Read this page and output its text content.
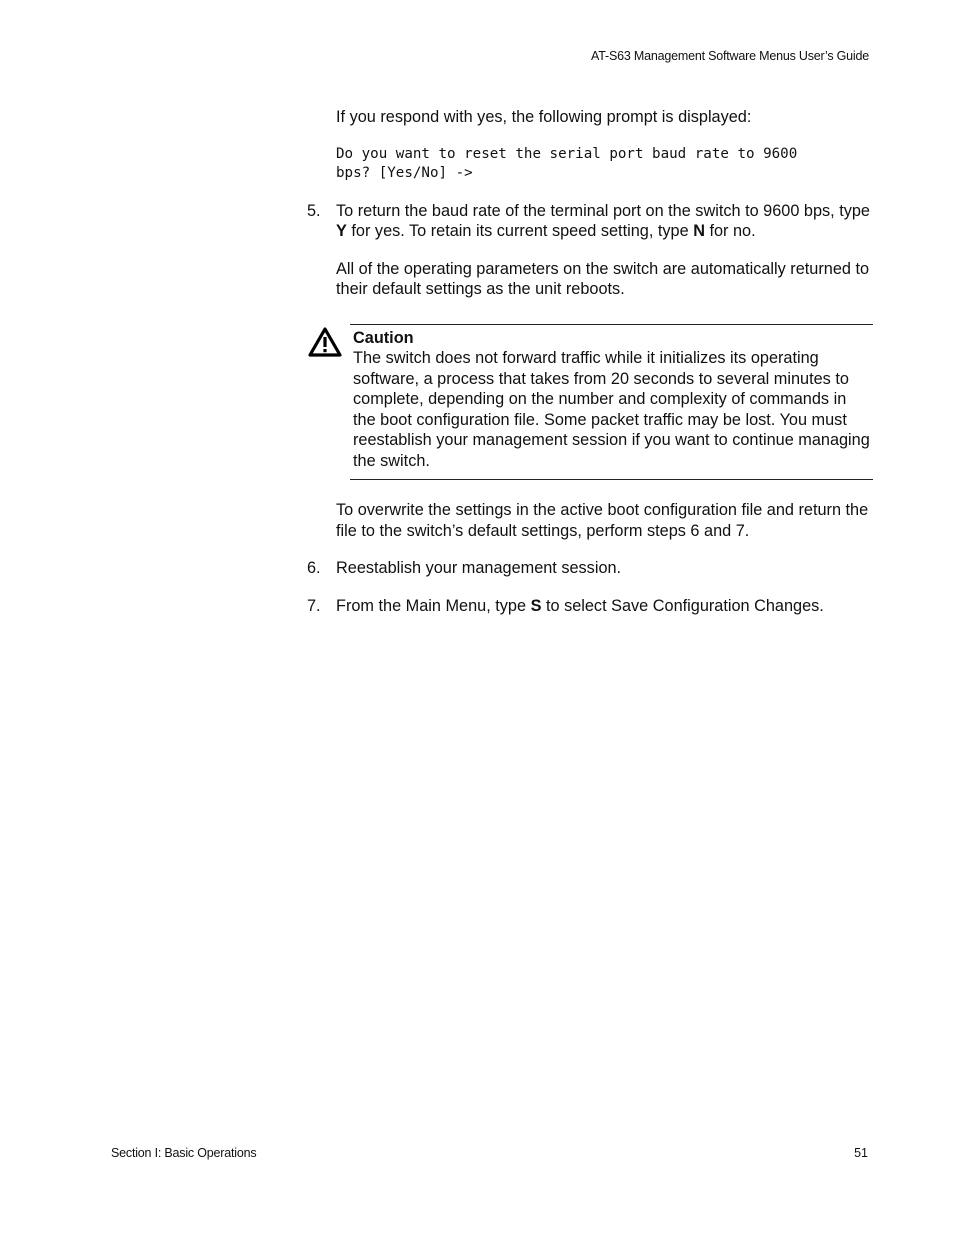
AT-S63 Management Software Menus User’s Guide

If you respond with yes, the following prompt is displayed:

Do you want to reset the serial port baud rate to 9600
bps? [Yes/No] ->
5. To return the baud rate of the terminal port on the switch to 9600 bps, type Y for yes. To retain its current speed setting, type N for no.

All of the operating parameters on the switch are automatically returned to their default settings as the unit reboots.

Caution
The switch does not forward traffic while it initializes its operating software, a process that takes from 20 seconds to several minutes to complete, depending on the number and complexity of commands in the boot configuration file. Some packet traffic may be lost. You must reestablish your management session if you want to continue managing the switch.

To overwrite the settings in the active boot configuration file and return the file to the switch’s default settings, perform steps 6 and 7.

6. Reestablish your management session.
7. From the Main Menu, type S to select Save Configuration Changes.
Section I: Basic Operations	51
